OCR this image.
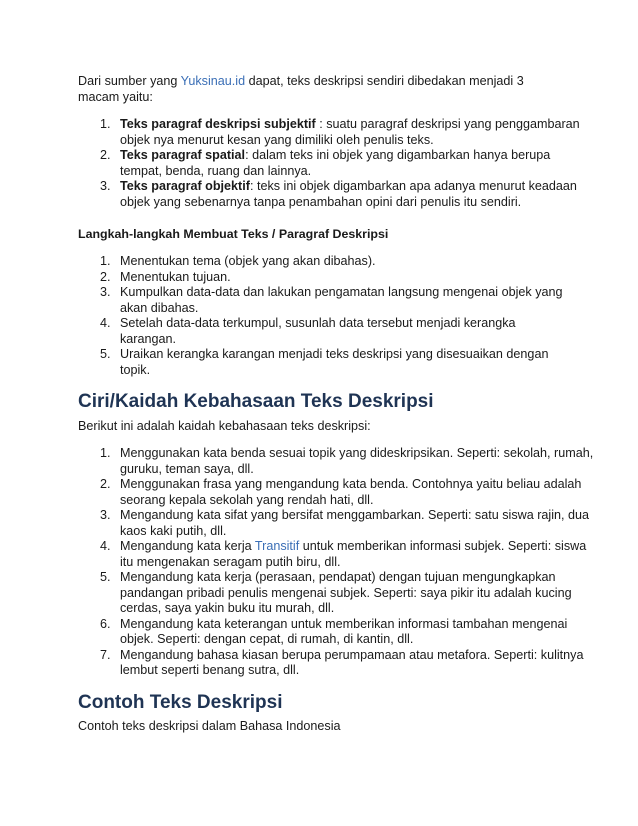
Dari sumber yang Yuksinau.id dapat, teks deskripsi sendiri dibedakan menjadi 3 macam yaitu:

1. Teks paragraf deskripsi subjektif : suatu paragraf deskripsi yang penggambaran objek nya menurut kesan yang dimiliki oleh penulis teks.
2. Teks paragraf spatial: dalam teks ini objek yang digambarkan hanya berupa tempat, benda, ruang dan lainnya.
3. Teks paragraf objektif: teks ini objek digambarkan apa adanya menurut keadaan objek yang sebenarnya tanpa penambahan opini dari penulis itu sendiri.

Langkah-langkah Membuat Teks / Paragraf Deskripsi

1. Menentukan tema (objek yang akan dibahas).
2. Menentukan tujuan.
3. Kumpulkan data-data dan lakukan pengamatan langsung mengenai objek yang akan dibahas.
4. Setelah data-data terkumpul, susunlah data tersebut menjadi kerangka karangan.
5. Uraikan kerangka karangan menjadi teks deskripsi yang disesuaikan dengan topik.
Ciri/Kaidah Kebahasaan Teks Deskripsi

Berikut ini adalah kaidah kebahasaan teks deskripsi:

1. Menggunakan kata benda sesuai topik yang dideskripsikan. Seperti: sekolah, rumah, guruku, teman saya, dll.
2. Menggunakan frasa yang mengandung kata benda. Contohnya yaitu beliau adalah seorang kepala sekolah yang rendah hati, dll.
3. Mengandung kata sifat yang bersifat menggambarkan. Seperti: satu siswa rajin, dua kaos kaki putih, dll.
4. Mengandung kata kerja Transitif untuk memberikan informasi subjek. Seperti: siswa itu mengenakan seragam putih biru, dll.
5. Mengandung kata kerja (perasaan, pendapat) dengan tujuan mengungkapkan pandangan pribadi penulis mengenai subjek. Seperti: saya pikir itu adalah kucing cerdas, saya yakin buku itu murah, dll.
6. Mengandung kata keterangan untuk memberikan informasi tambahan mengenai objek. Seperti: dengan cepat, di rumah, di kantin, dll.
7. Mengandung bahasa kiasan berupa perumpamaan atau metafora. Seperti: kulitnya lembut seperti benang sutra, dll.
Contoh Teks Deskripsi

Contoh teks deskripsi dalam Bahasa Indonesia
